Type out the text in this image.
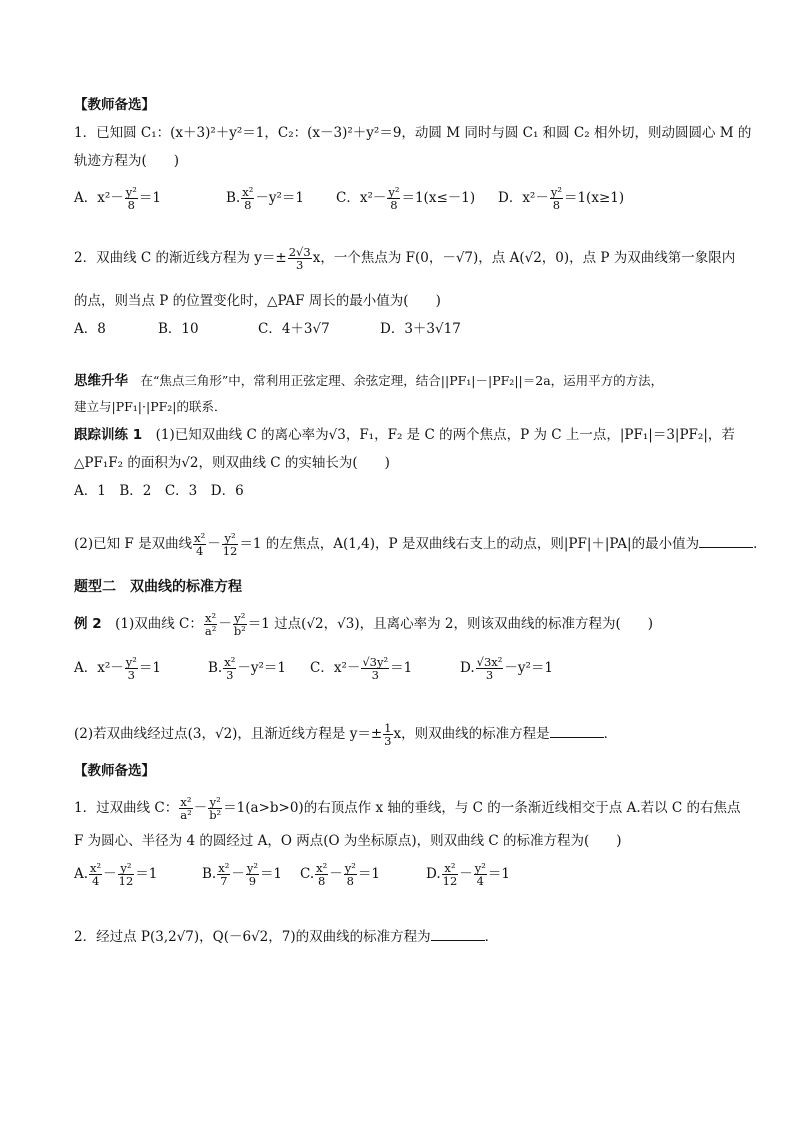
【教师备选】
1．已知圆 C₁：(x＋3)²＋y²＝1，C₂：(x－3)²＋y²＝9，动圆 M 同时与圆 C₁ 和圆 C₂ 相外切，则动圆圆心 M 的
轨迹方程为(　　)
A．$x^2- \frac{\text{y²}}{8} =1$	B. $\frac{\text{x²}}{8} -y^2=1$ C．$x^2- \frac{\text{y²}}{8} =1(x\le-1)$ D．$x^2- \frac{\text{y²}}{8} =1(x\ge 1)$
2．双曲线 C 的渐近线方程为 $y=\pm \frac{2√3}{3}$ x，一个焦点为 F(0，－√7)，点 A(√2，0)，点 P 为双曲线第一象限内
的点，则当点 P 的位置变化时，△PAF 周长的最小值为(　　)
A．8	B．10	C．4＋3√7	D．3＋3√17
思维升华　在“焦点三角形”中，常利用正弦定理、余弦定理，结合||PF₁|－|PF₂||＝2a，运用平方的方法，
建立与|PF₁|·|PF₂|的联系．
跟踪训练 1　(1)已知双曲线 C 的离心率为√3，F₁，F₂ 是 C 的两个焦点，P 为 C 上一点，|PF₁|＝3|PF₂|，若
△PF₁F₂ 的面积为√2，则双曲线 C 的实轴长为(　　)
A．1　B．2　C．3　D．6
(2)已知 F 是双曲线 $\frac{\text{x²}}{4} - \frac{\text{y²}}{12} =1$ 的左焦点，A(1,4)，P 是双曲线右支上的动点，则|PF|＋|PA|的最小值为	．
题型二　双曲线的标准方程
例 2　(1)双曲线 C： $\frac{\text{x²}}{\text{a²}} - \frac{\text{y²}}{\text{b²}} =1$ 过点(√2，√3)，且离心率为 2，则该双曲线的标准方程为(　　)
A．$x^2- \frac{\text{y²}}{3} =1$	B. $\frac{\text{x²}}{3} -y^2=1$ C．$x^2- \frac{\text{√3y²}}{3} =1$	D. $\frac{\text{√3x²}}{3} -y^2=1$
(2)若双曲线经过点(3，√2)，且渐近线方程是 $y=\pm \frac{1}{3}$ x，则双曲线的标准方程是	．
【教师备选】
1．过双曲线 C： $\frac{\text{x²}}{\text{a²}} - \frac{\text{y²}}{\text{b²}} =1(a>b>0)$的右顶点作 x 轴的垂线，与 C 的一条渐近线相交于点 A.若以 C 的右焦点
F 为圆心、半径为 4 的圆经过 A，O 两点(O 为坐标原点)，则双曲线 C 的标准方程为(　　)
A. $\frac{\text{x²}}{4} - \frac{\text{y²}}{12} =1$	B. $\frac{\text{x²}}{7} - \frac{\text{y²}}{9} =1$ C. $\frac{\text{x²}}{8} - \frac{\text{y²}}{8} =1$	D. $\frac{\text{x²}}{12} - \frac{\text{y²}}{4} =1$
2．经过点 P(3,2√7)，Q(－6√2，7)的双曲线的标准方程为	．
